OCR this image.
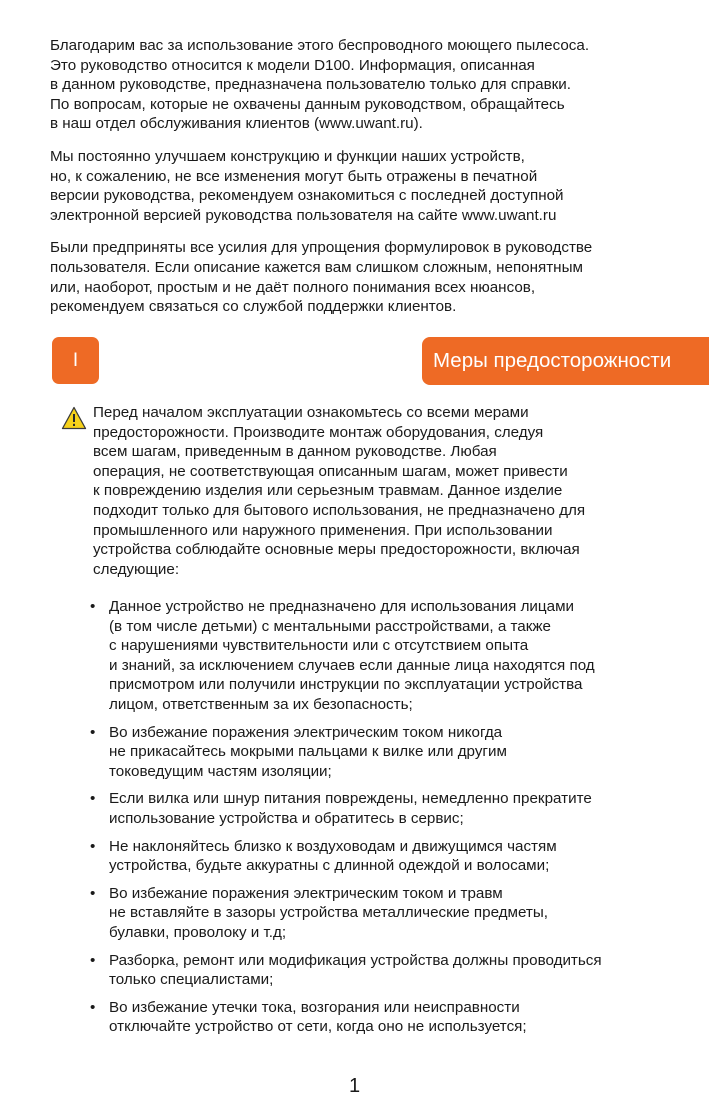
Благодарим вас за использование этого беспроводного моющего пылесоса.
Это руководство относится к модели D100. Информация, описанная
в данном руководстве, предназначена пользователю только для справки.
По вопросам, которые не охвачены данным руководством, обращайтесь
в наш отдел обслуживания клиентов (www.uwant.ru).

Мы постоянно улучшаем конструкцию и функции наших устройств,
но, к сожалению, не все изменения могут быть отражены в печатной
версии руководства, рекомендуем ознакомиться с последней доступной
электронной версией руководства пользователя на сайте www.uwant.ru

Были предприняты все усилия для упрощения формулировок в руководстве
пользователя. Если описание кажется вам слишком сложным, непонятным
или, наоборот, простым и не даёт полного понимания всех нюансов,
рекомендуем связаться со службой поддержки клиентов.

I	Меры предосторожности

Перед началом эксплуатации ознакомьтесь со всеми мерами
предосторожности. Производите монтаж оборудования, следуя
всем шагам, приведенным в данном руководстве. Любая
операция, не соответствующая описанным шагам, может привести
к повреждению изделия или серьезным травмам. Данное изделие
подходит только для бытового использования, не предназначено для
промышленного или наружного применения. При использовании
устройства соблюдайте основные меры предосторожности, включая
следующие:

• Данное устройство не предназначено для использования лицами
(в том числе детьми) с ментальными расстройствами, а также
с нарушениями чувствительности или с отсутствием опыта
и знаний, за исключением случаев если данные лица находятся под
присмотром или получили инструкции по эксплуатации устройства
лицом, ответственным за их безопасность;
• Во избежание поражения электрическим током никогда
не прикасайтесь мокрыми пальцами к вилке или другим
токоведущим частям изоляции;
• Если вилка или шнур питания повреждены, немедленно прекратите
использование устройства и обратитесь в сервис;
• Не наклоняйтесь близко к воздуховодам и движущимся частям
устройства, будьте аккуратны с длинной одеждой и волосами;
• Во избежание поражения электрическим током и травм
не вставляйте в зазоры устройства металлические предметы,
булавки, проволоку и т.д;
• Разборка, ремонт или модификация устройства должны проводиться
только специалистами;
• Во избежание утечки тока, возгорания или неисправности
отключайте устройство от сети, когда оно не используется;
1
